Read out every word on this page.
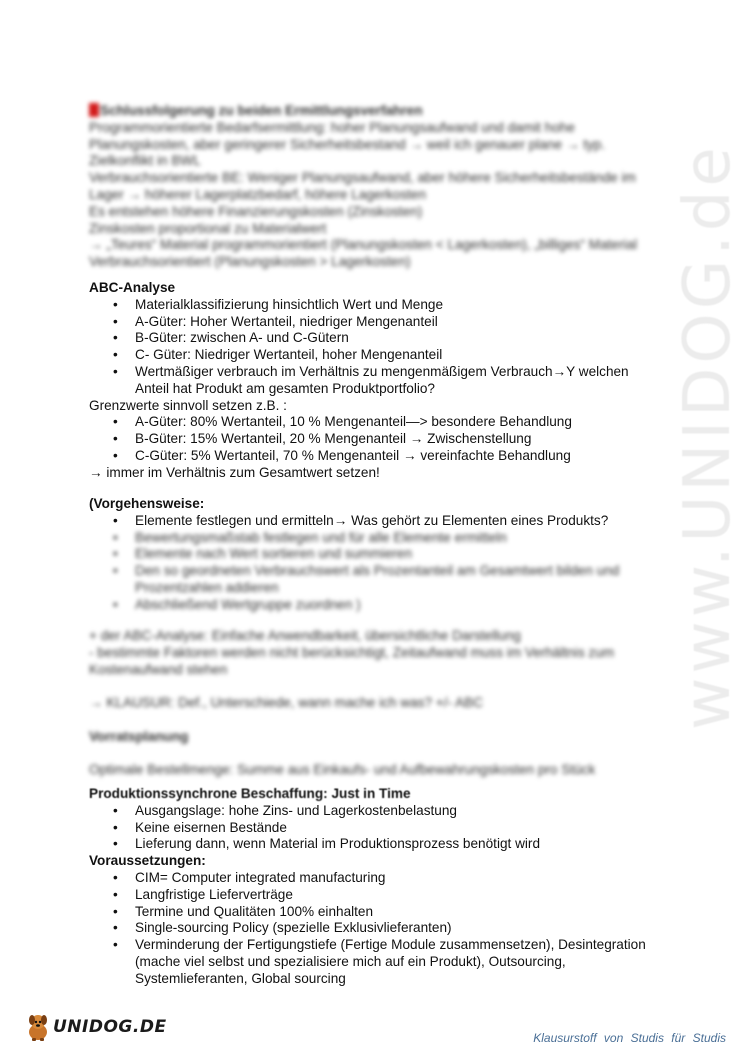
www.UNIDOG.de
Schlussfolgerung zu beiden Ermittlungsverfahren
Programmorientierte Bedarfsermittlung: hoher Planungsaufwand und damit hohe
Planungskosten, aber geringerer Sicherheitsbestand → weil ich genauer plane → typ.
Zielkonflikt in BWL
Verbrauchsorientierte BE: Weniger Planungsaufwand, aber höhere Sicherheitsbestände im
Lager → höherer Lagerplatzbedarf, höhere Lagerkosten
Es entstehen höhere Finanzierungskosten (Zinskosten)
Zinskosten proportional zu Materialwert
→ „Teures“ Material programmorientiert (Planungskosten < Lagerkosten), „billiges“ Material
Verbrauchsorientiert (Planungskosten > Lagerkosten)
ABC-Analyse
• Materialklassifizierung hinsichtlich Wert und Menge
• A-Güter: Hoher Wertanteil, niedriger Mengenanteil
• B-Güter: zwischen A- und C-Gütern
• C- Güter: Niedriger Wertanteil, hoher Mengenanteil
• Wertmäßiger verbrauch im Verhältnis zu mengenmäßigem Verbrauch→Y welchen
Anteil hat Produkt am gesamten Produktportfolio?
Grenzwerte sinnvoll setzen z.B. :
• A-Güter: 80% Wertanteil, 10 % Mengenanteil—> besondere Behandlung
• B-Güter: 15% Wertanteil, 20 % Mengenanteil → Zwischenstellung
• C-Güter: 5% Wertanteil, 70 % Mengenanteil → vereinfachte Behandlung
→ immer im Verhältnis zum Gesamtwert setzen!
(Vorgehensweise:
• Elemente festlegen und ermitteln→ Was gehört zu Elementen eines Produkts?
• Bewertungsmaßstab festlegen und für alle Elemente ermitteln
• Elemente nach Wert sortieren und summieren
• Den so geordneten Verbrauchswert als Prozentanteil am Gesamtwert bilden und
Prozentzahlen addieren
• Abschließend Wertgruppe zuordnen )
+ der ABC-Analyse: Einfache Anwendbarkeit, übersichtliche Darstellung
- bestimmte Faktoren werden nicht berücksichtigt, Zeitaufwand muss im Verhältnis zum
Kostenaufwand stehen
→ KLAUSUR: Def., Unterschiede, wann mache ich was? +/- ABC
Vorratsplanung
Optimale Bestellmenge: Summe aus Einkaufs- und Aufbewahrungskosten pro Stück
Produktionssynchrone Beschaffung: Just in Time
• Ausgangslage: hohe Zins- und Lagerkostenbelastung
• Keine eisernen Bestände
• Lieferung dann, wenn Material im Produktionsprozess benötigt wird
Voraussetzungen:
• CIM= Computer integrated manufacturing
• Langfristige Lieferverträge
• Termine und Qualitäten 100% einhalten
• Single-sourcing Policy (spezielle Exklusivlieferanten)
• Verminderung der Fertigungstiefe (Fertige Module zusammensetzen), Desintegration
(mache viel selbst und spezialisiere mich auf ein Produkt), Outsourcing,
Systemlieferanten, Global sourcing
UNIDOG.DE
Klausurstoff von Studis für Studis
